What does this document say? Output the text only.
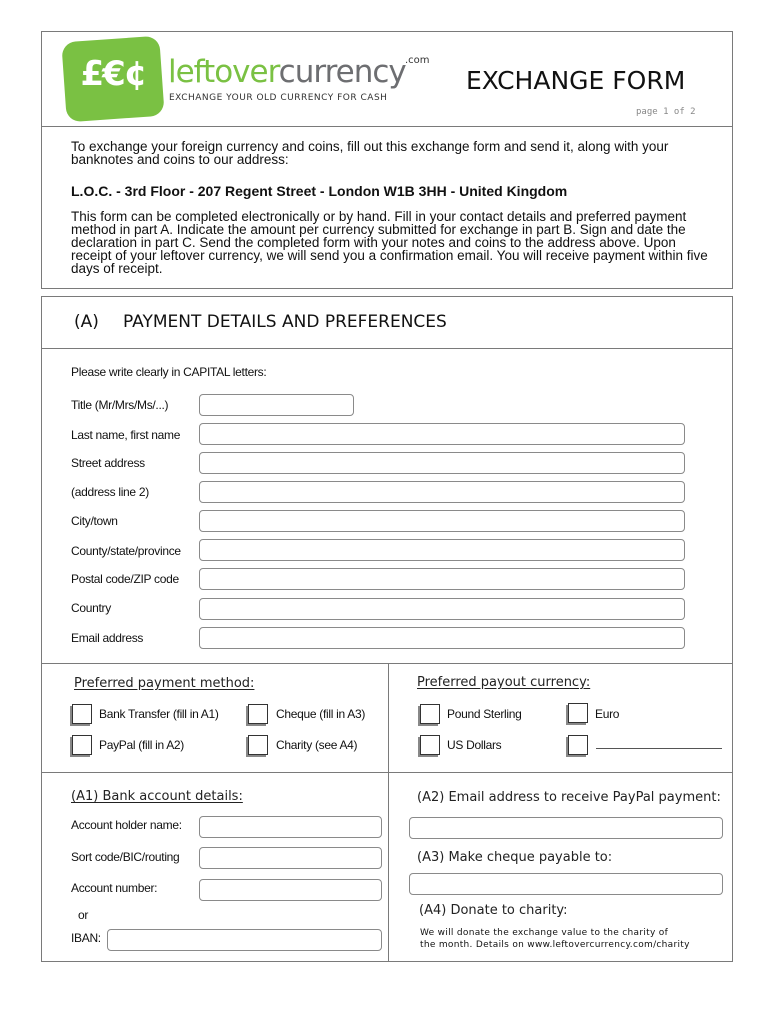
£€¢ leftovercurrency .com
EXCHANGE YOUR OLD CURRENCY FOR CASH
EXCHANGE FORM
page 1 of 2
To exchange your foreign currency and coins, fill out this exchange form and send it, along with your banknotes and coins to our address:
L.O.C. - 3rd Floor - 207 Regent Street - London W1B 3HH - United Kingdom
This form can be completed electronically or by hand. Fill in your contact details and preferred payment method in part A. Indicate the amount per currency submitted for exchange in part B. Sign and date the declaration in part C. Send the completed form with your notes and coins to the address above. Upon receipt of your leftover currency, we will send you a confirmation email. You will receive payment within five days of receipt.
(A) PAYMENT DETAILS AND PREFERENCES
Please write clearly in CAPITAL letters:
Title (Mr/Mrs/Ms/...)
Last name, first name
Street address
(address line 2)
City/town
County/state/province
Postal code/ZIP code
Country
Email address
Preferred payment method:
Bank Transfer (fill in A1)	Cheque (fill in A3)
PayPal (fill in A2)	Charity (see A4)
Preferred payout currency:
Pound Sterling	Euro
US Dollars
(A1) Bank account details:
Account holder name:
Sort code/BIC/routing
Account number:
or
IBAN:
(A2) Email address to receive PayPal payment:
(A3) Make cheque payable to:
(A4) Donate to charity:
We will donate the exchange value to the charity of
the month. Details on www.leftovercurrency.com/charity
